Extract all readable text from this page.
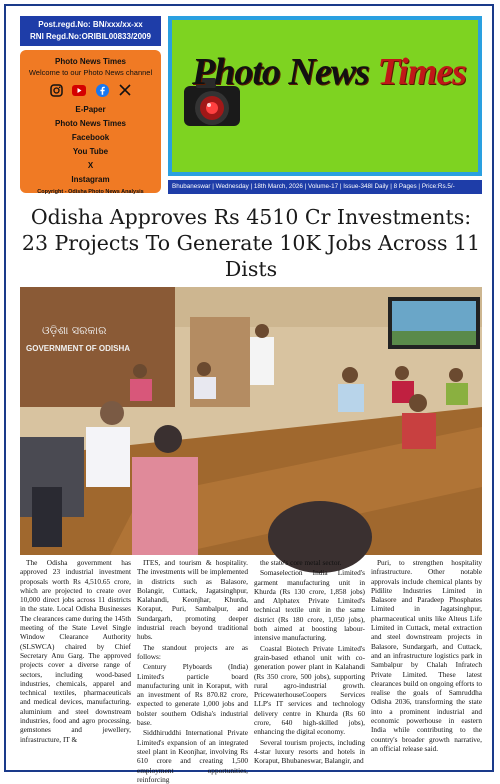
Post.regd.No: BN/xxx/xx-xx
RNI Regd.No:ORIBIL00833/2009
Photo News Times
Welcome to our Photo News channel
E-Paper
Photo News Times
Facebook
You Tube
X
Instagram
Copyright - Odisha Photo News Analysis
Photo News Times
Bhubaneswar | Wednesday | 18th March, 2026 | Volume-17 | Issue-348I Daily | 8 Pages | Price:Rs.5/-
Odisha Approves Rs 4510 Cr Investments: 23 Projects To Generate 10K Jobs Across 11 Dists
ଓଡ଼ିଶା ସରକାର
GOVERNMENT OF ODISHA

The Odisha government has approved 23 industrial investment proposals worth Rs 4,510.65 crore, which are projected to create over 10,000 direct jobs across 11 districts in the state. Local Odisha Businesses The clearances came during the 145th meeting of the State Level Single Window Clearance Authority (SLSWCA) chaired by Chief Secretary Anu Garg. The approved projects cover a diverse range of sectors, including wood-based industries, chemicals, apparel and technical textiles, pharmaceuticals and medical devices, manufacturing, aluminium and steel downstream industries, food and agro processing, gemstones and jewellery, infrastructure, IT &

ITES, and tourism & hospitality. The investments will be implemented in districts such as Balasore, Bolangir, Cuttack, Jagatsinghpur, Kalahandi, Keonjhar, Khurda, Koraput, Puri, Sambalpur, and Sundargarh, promoting deeper industrial reach beyond traditional hubs.

The standout projects are as follows:

Century Plyboards (India) Limited's particle board manufacturing unit in Koraput, with an investment of Rs 870.82 crore, expected to generate 1,000 jobs and bolster southern Odisha's industrial base.

Siddhiruddhi International Private Limited's expansion of an integrated steel plant in Keonjhar, involving Rs 610 crore and creating 1,500 employment opportunities, reinforcing

the state's core metal sector.

Somaselection India Limited's garment manufacturing unit in Khurda (Rs 130 crore, 1,858 jobs) and Alphatex Private Limited's technical textile unit in the same district (Rs 180 crore, 1,050 jobs), both aimed at boosting labour-intensive manufacturing.

Coastal Biotech Private Limited's grain-based ethanol unit with co-generation power plant in Kalahandi (Rs 350 crore, 500 jobs), supporting rural agro-industrial growth. PricewaterhouseCoopers Services LLP's IT services and technology delivery centre in Khurda (Rs 60 crore, 640 high-skilled jobs), enhancing the digital economy.

Several tourism projects, including 4-star luxury resorts and hotels in Koraput, Bhubaneswar, Balangir, and

Puri, to strengthen hospitality infrastructure. Other notable approvals include chemical plants by Pidilite Industries Limited in Balasore and Paradeep Phosphates Limited in Jagatsinghpur, pharmaceutical units like Alteus Life Limited in Cuttack, metal extraction and steel downstream projects in Balasore, Sundargarh, and Cuttack, and an infrastructure logistics park in Sambalpur by Chalah Infratech Private Limited. These latest clearances build on ongoing efforts to realise the goals of Samruddha Odisha 2036, transforming the state into a prominent industrial and economic powerhouse in eastern India while contributing to the country's broader growth narrative, an official release said.
